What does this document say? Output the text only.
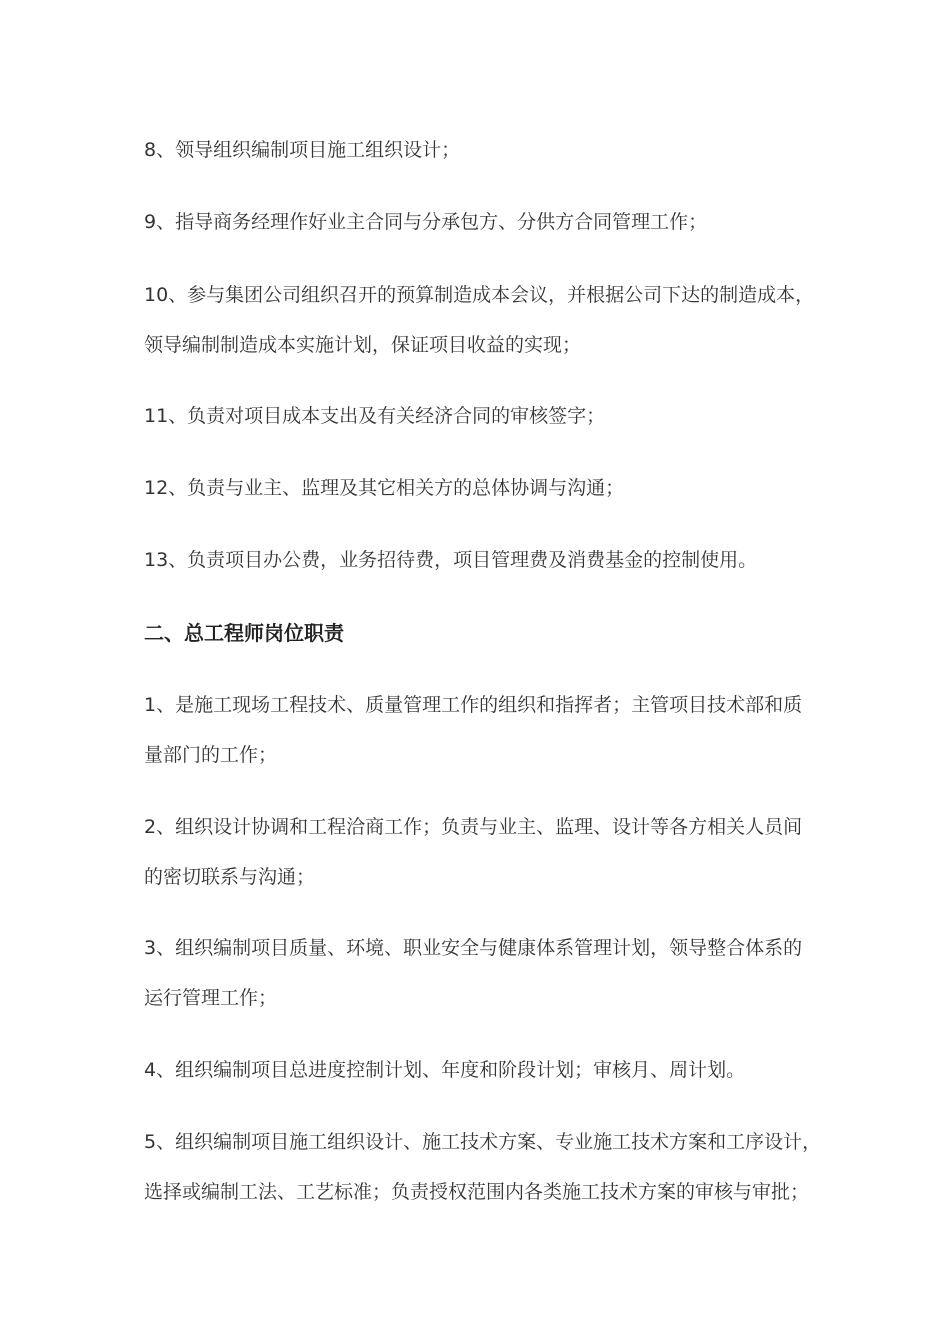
8、领导组织编制项目施工组织设计；

9、指导商务经理作好业主合同与分承包方、分供方合同管理工作；

10、参与集团公司组织召开的预算制造成本会议，并根据公司下达的制造成本，
领导编制制造成本实施计划，保证项目收益的实现；

11、负责对项目成本支出及有关经济合同的审核签字；

12、负责与业主、监理及其它相关方的总体协调与沟通；

13、负责项目办公费，业务招待费，项目管理费及消费基金的控制使用。

二、总工程师岗位职责

1、是施工现场工程技术、质量管理工作的组织和指挥者；主管项目技术部和质
量部门的工作；

2、组织设计协调和工程洽商工作；负责与业主、监理、设计等各方相关人员间
的密切联系与沟通；

3、组织编制项目质量、环境、职业安全与健康体系管理计划，领导整合体系的
运行管理工作；

4、组织编制项目总进度控制计划、年度和阶段计划；审核月、周计划。

5、组织编制项目施工组织设计、施工技术方案、专业施工技术方案和工序设计，
选择或编制工法、工艺标准；负责授权范围内各类施工技术方案的审核与审批；
